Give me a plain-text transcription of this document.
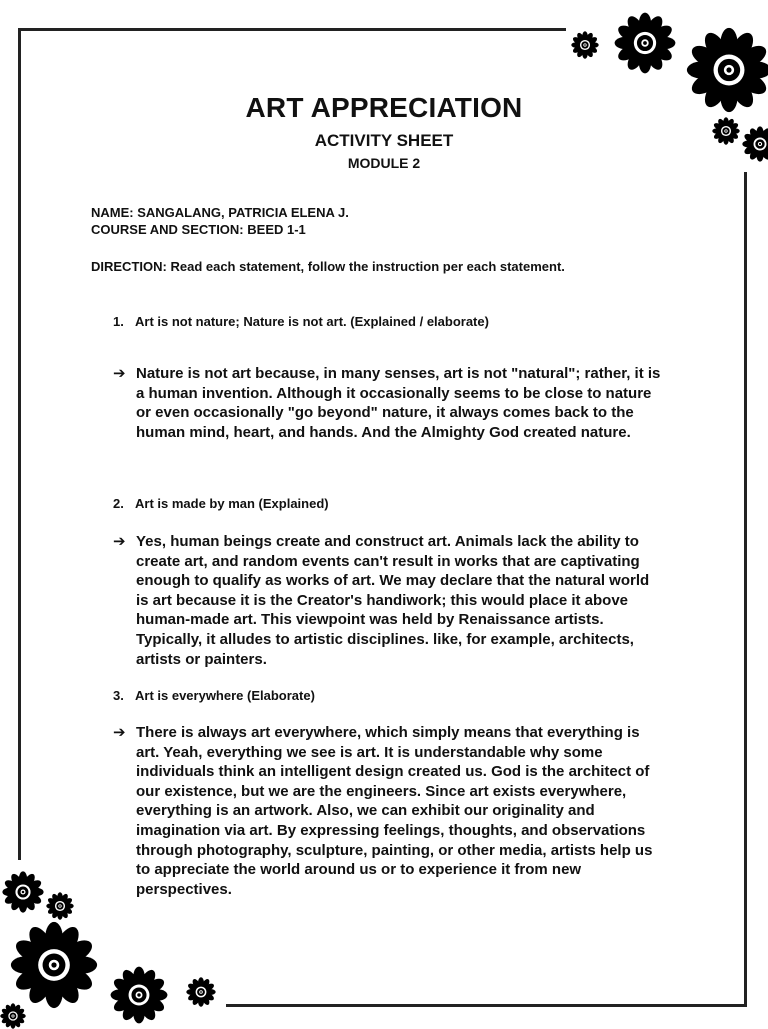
ART APPRECIATION
ACTIVITY SHEET
MODULE 2
NAME: SANGALANG, PATRICIA ELENA J.
COURSE AND SECTION: BEED 1-1
DIRECTION: Read each statement, follow the instruction per each statement.
1. Art is not nature; Nature is not art. (Explained / elaborate)
➔ Nature is not art because, in many senses, art is not "natural"; rather, it is
a human invention. Although it occasionally seems to be close to nature
or even occasionally "go beyond" nature, it always comes back to the
human mind, heart, and hands. And the Almighty God created nature.
2. Art is made by man (Explained)
➔ Yes, human beings create and construct art. Animals lack the ability to
create art, and random events can't result in works that are captivating
enough to qualify as works of art. We may declare that the natural world
is art because it is the Creator's handiwork; this would place it above
human-made art. This viewpoint was held by Renaissance artists.
Typically, it alludes to artistic disciplines. like, for example, architects,
artists or painters.
3. Art is everywhere (Elaborate)
➔ There is always art everywhere, which simply means that everything is
art. Yeah, everything we see is art. It is understandable why some
individuals think an intelligent design created us. God is the architect of
our existence, but we are the engineers. Since art exists everywhere,
everything is an artwork. Also, we can exhibit our originality and
imagination via art. By expressing feelings, thoughts, and observations
through photography, sculpture, painting, or other media, artists help us
to appreciate the world around us or to experience it from new
perspectives.
